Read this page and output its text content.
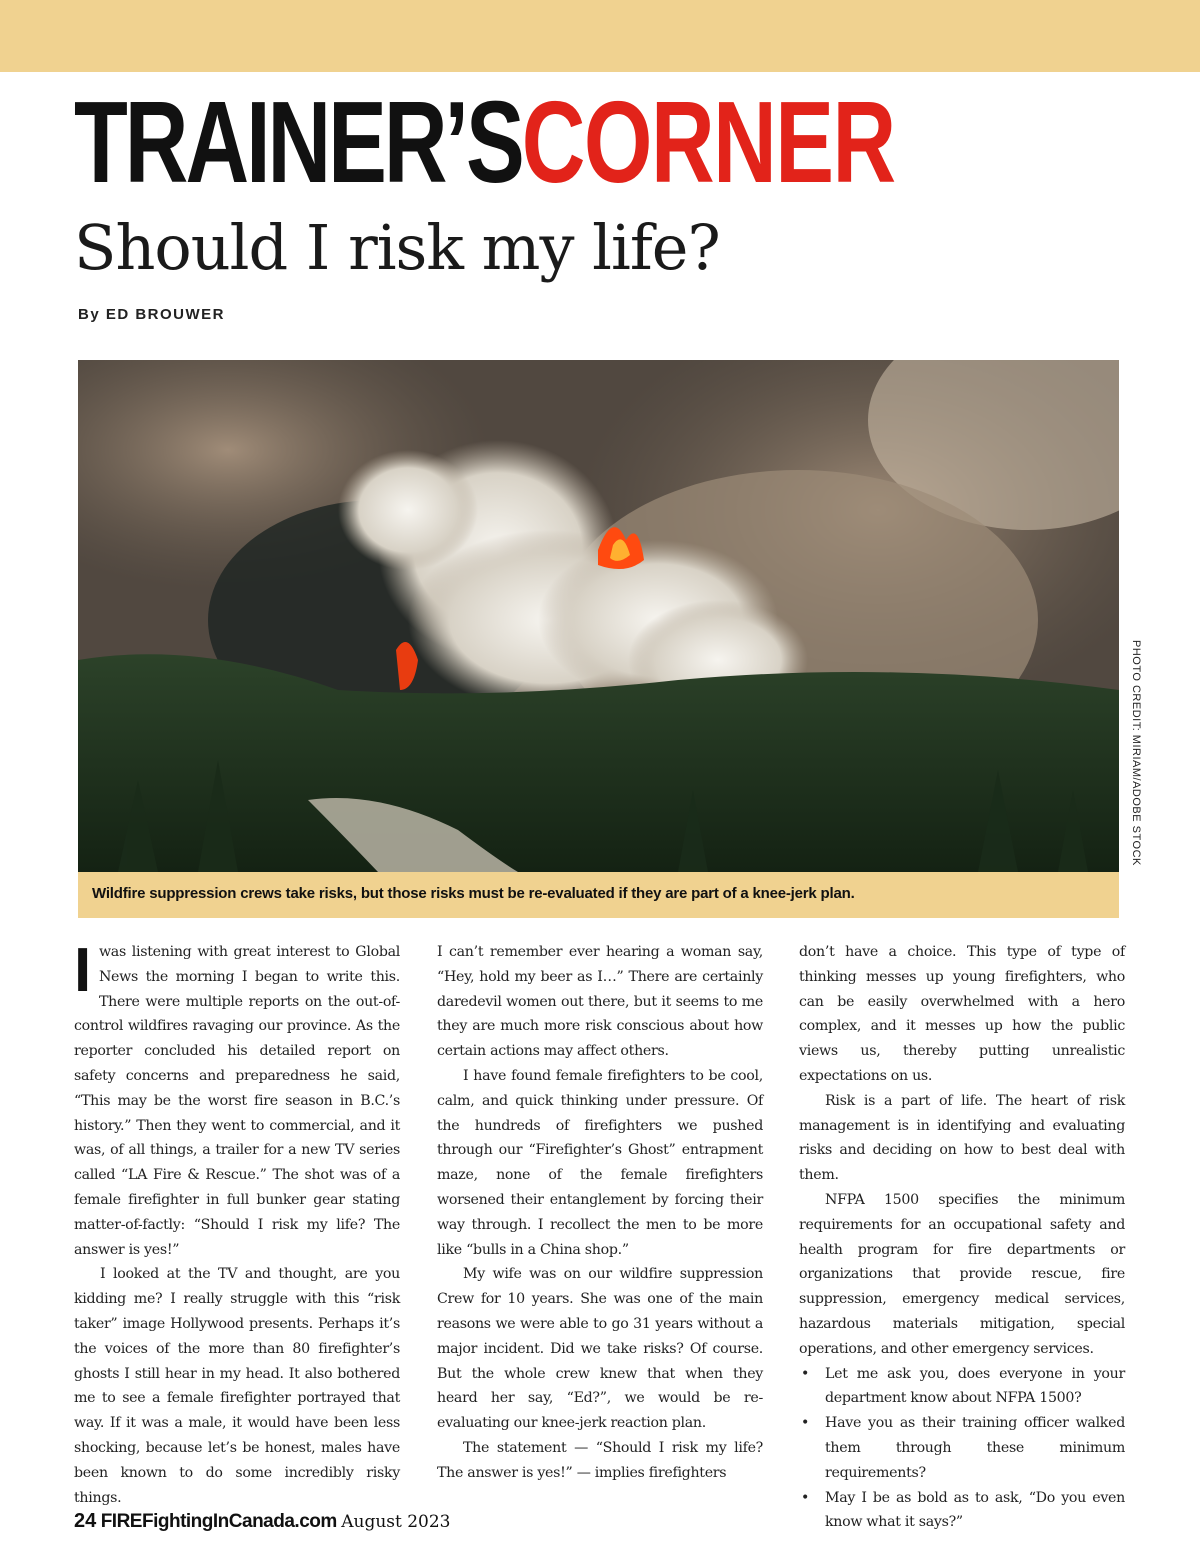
TRAINER’SCORNER
Should I risk my life?
By ED BROUWER
PHOTO CREDIT: MIRIAM/ADOBE STOCK
Wildfire suppression crews take risks, but those risks must be re-evaluated if they are part of a knee-jerk plan.

Iwas listening with great interest to Global News the morning I began to write this. There were multiple reports on the out-of-control wildfires ravaging our province. As the reporter concluded his detailed report on safety concerns and preparedness he said, “This may be the worst fire season in B.C.’s history.” Then they went to commercial, and it was, of all things, a trailer for a new TV series called “LA Fire & Rescue.” The shot was of a female firefighter in full bunker gear stating matter-of-factly: “Should I risk my life? The answer is yes!”

I looked at the TV and thought, are you kidding me? I really struggle with this “risk taker” image Hollywood presents. Perhaps it’s the voices of the more than 80 firefighter’s ghosts I still hear in my head. It also bothered me to see a female firefighter portrayed that way. If it was a male, it would have been less shocking, because let’s be honest, males have been known to do some incredibly risky things.

I can’t remember ever hearing a woman say, “Hey, hold my beer as I…” There are certainly daredevil women out there, but it seems to me they are much more risk conscious about how certain actions may affect others.

I have found female firefighters to be cool, calm, and quick thinking under pressure. Of the hundreds of firefighters we pushed through our “Firefighter’s Ghost” entrapment maze, none of the female firefighters worsened their entanglement by forcing their way through. I recollect the men to be more like “bulls in a China shop.”

My wife was on our wildfire suppression Crew for 10 years. She was one of the main reasons we were able to go 31 years without a major incident. Did we take risks? Of course. But the whole crew knew that when they heard her say, “Ed?”, we would be re-evaluating our knee-jerk reaction plan.

The statement — “Should I risk my life? The answer is yes!” — implies firefighters

don’t have a choice. This type of type of thinking messes up young firefighters, who can be easily overwhelmed with a hero complex, and it messes up how the public views us, thereby putting unrealistic expectations on us.

Risk is a part of life. The heart of risk management is in identifying and evaluating risks and deciding on how to best deal with them.

NFPA 1500 specifies the minimum requirements for an occupational safety and health program for fire departments or organizations that provide rescue, fire suppression, emergency medical services, hazardous materials mitigation, special operations, and other emergency services.

• Let me ask you, does everyone in your department know about NFPA 1500?
• Have you as their training officer walked them through these minimum requirements?
• May I be as bold as to ask, “Do you even know what it says?”
24 FIREFightingInCanada.com August 2023
